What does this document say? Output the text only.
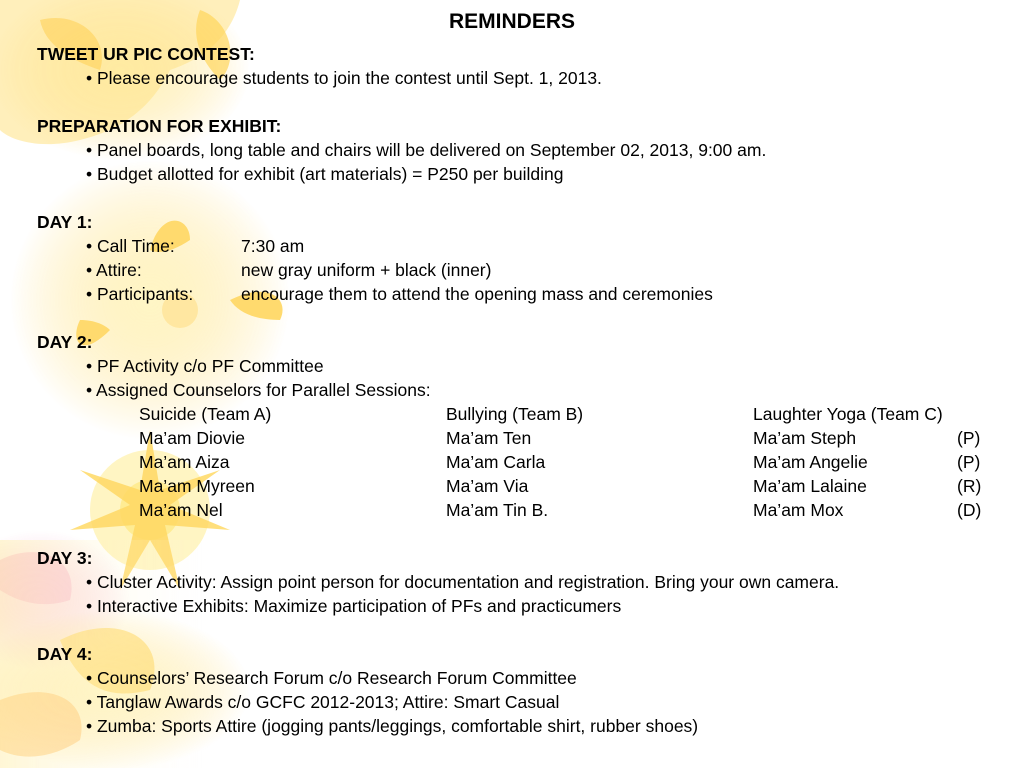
REMINDERS
TWEET UR PIC CONTEST:
• Please encourage students to join the contest until Sept. 1, 2013.
PREPARATION FOR EXHIBIT:
• Panel boards, long table and chairs will be delivered on September 02, 2013, 9:00 am.
• Budget allotted for exhibit (art materials) = P250 per building
DAY 1:
• Call Time:	7:30 am
• Attire:	new gray uniform + black (inner)
• Participants:	encourage them to attend the opening mass and ceremonies
DAY 2:
• PF Activity c/o PF Committee
• Assigned Counselors for Parallel Sessions:
Suicide (Team A)	Bullying (Team B)	Laughter Yoga (Team C)
Ma’am Diovie	Ma’am Ten	Ma’am Steph	(P)
Ma’am Aiza	Ma’am Carla	Ma’am Angelie	(P)
Ma’am Myreen	Ma’am Via	Ma’am Lalaine	(R)
Ma’am Nel	Ma’am Tin B.	Ma’am Mox	(D)
DAY 3:
• Cluster Activity: Assign point person for documentation and registration. Bring your own camera.
• Interactive Exhibits: Maximize participation of PFs and practicumers
DAY 4:
• Counselors’ Research Forum c/o Research Forum Committee
• Tanglaw Awards c/o GCFC 2012-2013; Attire: Smart Casual
• Zumba: Sports Attire (jogging pants/leggings, comfortable shirt, rubber shoes)
